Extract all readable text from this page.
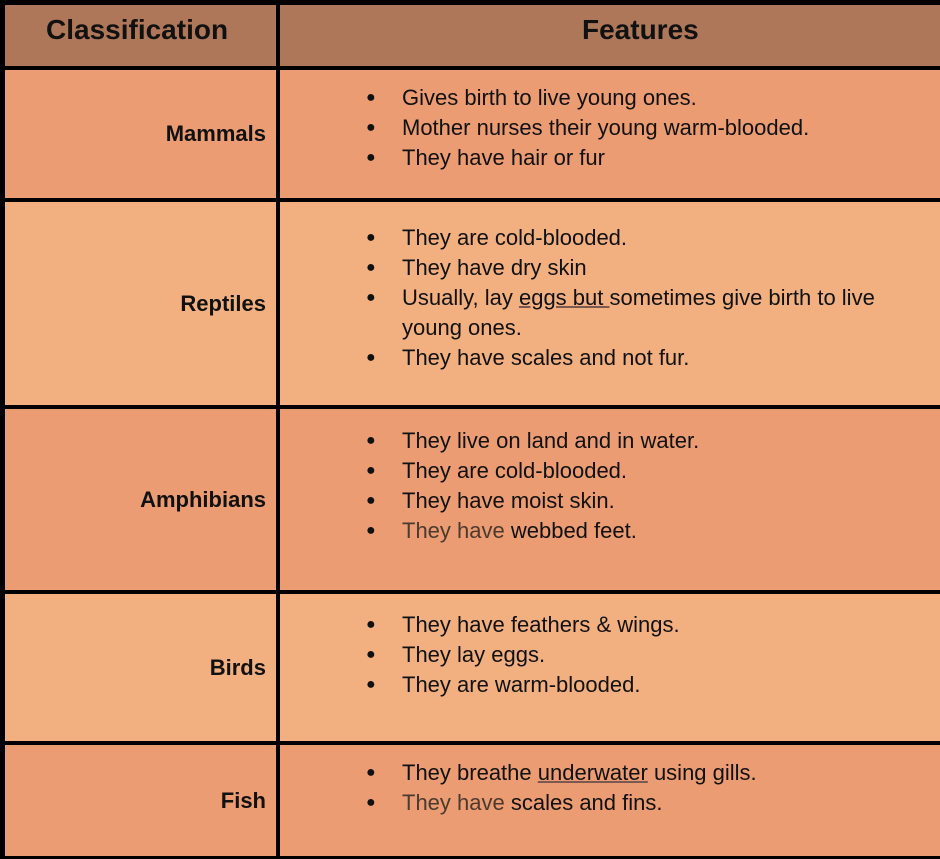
Classification	Features
Mammals
● Gives birth to live young ones.
● Mother nurses their young warm-blooded.
● They have hair or fur
Reptiles
● They are cold-blooded.
● They have dry skin
● Usually, lay eggs but sometimes give birth to live
young ones.
● They have scales and not fur.
Amphibians
● They live on land and in water.
● They are cold-blooded.
● They have moist skin.
● They have webbed feet.
Birds
● They have feathers & wings.
● They lay eggs.
● They are warm-blooded.
Fish
● They breathe underwater using gills.
● They have scales and fins.
